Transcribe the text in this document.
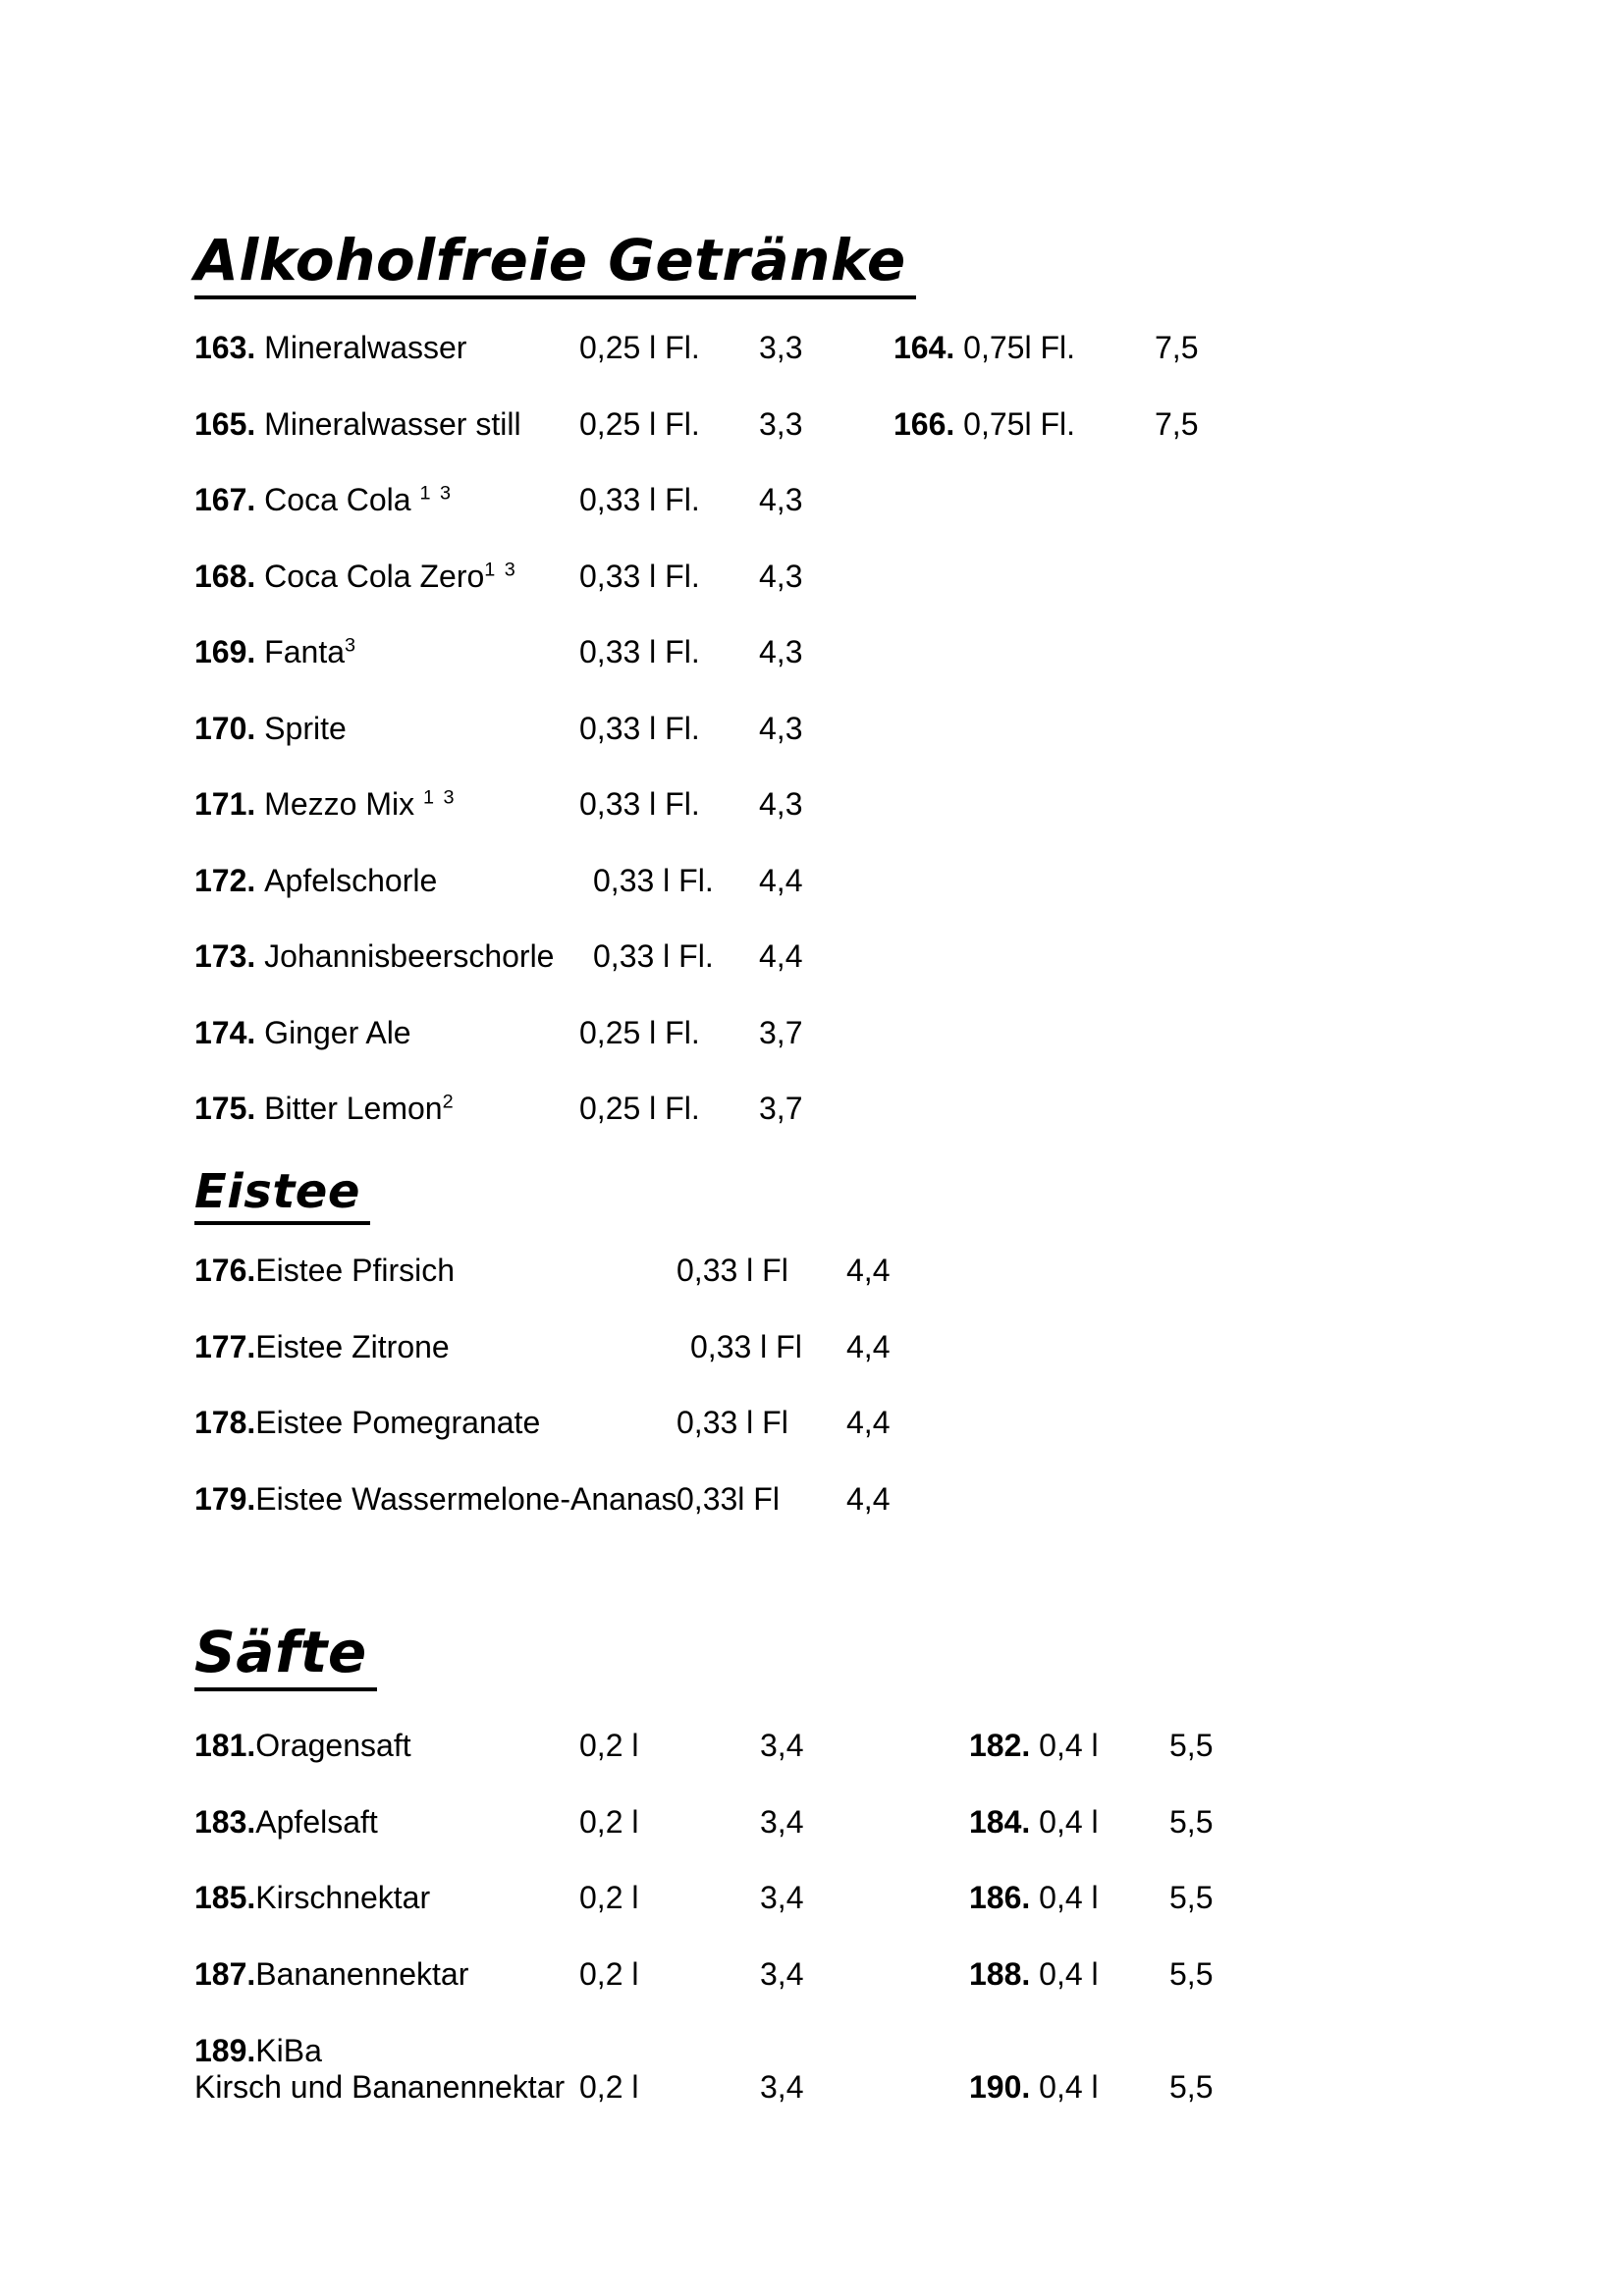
Alkoholfreie Getränke
163. Mineralwasser	0,25 l Fl.	3,3	164. 0,75l Fl.	7,5
165. Mineralwasser still	0,25 l Fl.	3,3	166. 0,75l Fl.	7,5
167. Coca Cola $^{1 3}$	0,33 l Fl.	4,3
168. Coca Cola Zero$^{1 3}$	0,33 l Fl.	4,3
169. Fanta$^3$	0,33 l Fl.	4,3
170. Sprite	0,33 l Fl.	4,3
171. Mezzo Mix $^{1 3}$	0,33 l Fl.	4,3
172. Apfelschorle	0,33 l Fl.	4,4
173. Johannisbeerschorle	0,33 l Fl.	4,4
174. Ginger Ale	0,25 l Fl.	3,7
175. Bitter Lemon$^2$	0,25 l Fl.	3,7
Eistee
176.Eistee Pfirsich	0,33 l Fl	4,4
177.Eistee Zitrone	0,33 l Fl	4,4
178.Eistee Pomegranate	0,33 l Fl	4,4
179.Eistee Wassermelone-Ananas 0,33l Fl	4,4
Säfte
181.Oragensaft	0,2 l	3,4	182. 0,4 l	5,5
183.Apfelsaft	0,2 l	3,4	184. 0,4 l	5,5
185.Kirschnektar	0,2 l	3,4	186. 0,4 l	5,5
187.Bananennektar	0,2 l	3,4	188. 0,4 l	5,5
189.KiBa
Kirsch und Bananennektar 0,2 l	3,4	190. 0,4 l	5,5
